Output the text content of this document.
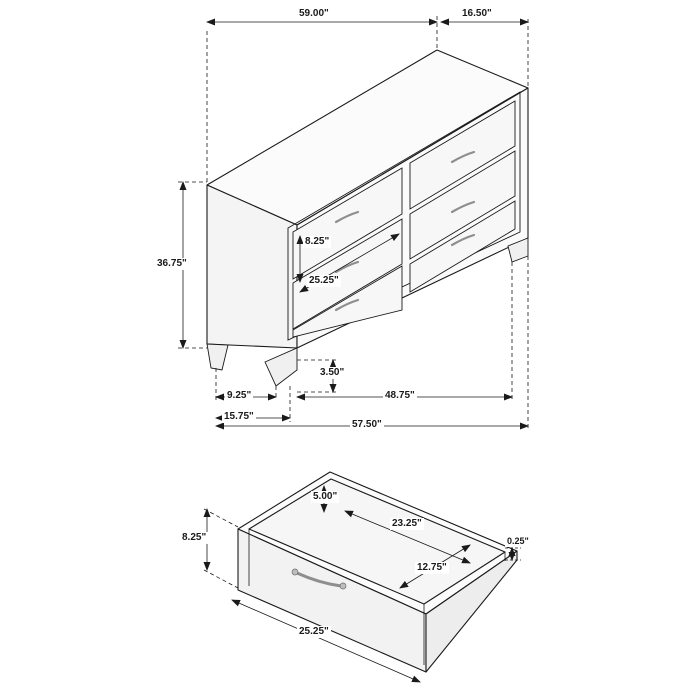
59.00"	16.50"
36.75"
8.25"
25.25"
3.50"
9.25"
15.75"
48.75"
57.50"
5.00"
8.25"
23.25"
12.75"
0.25"
25.25"
